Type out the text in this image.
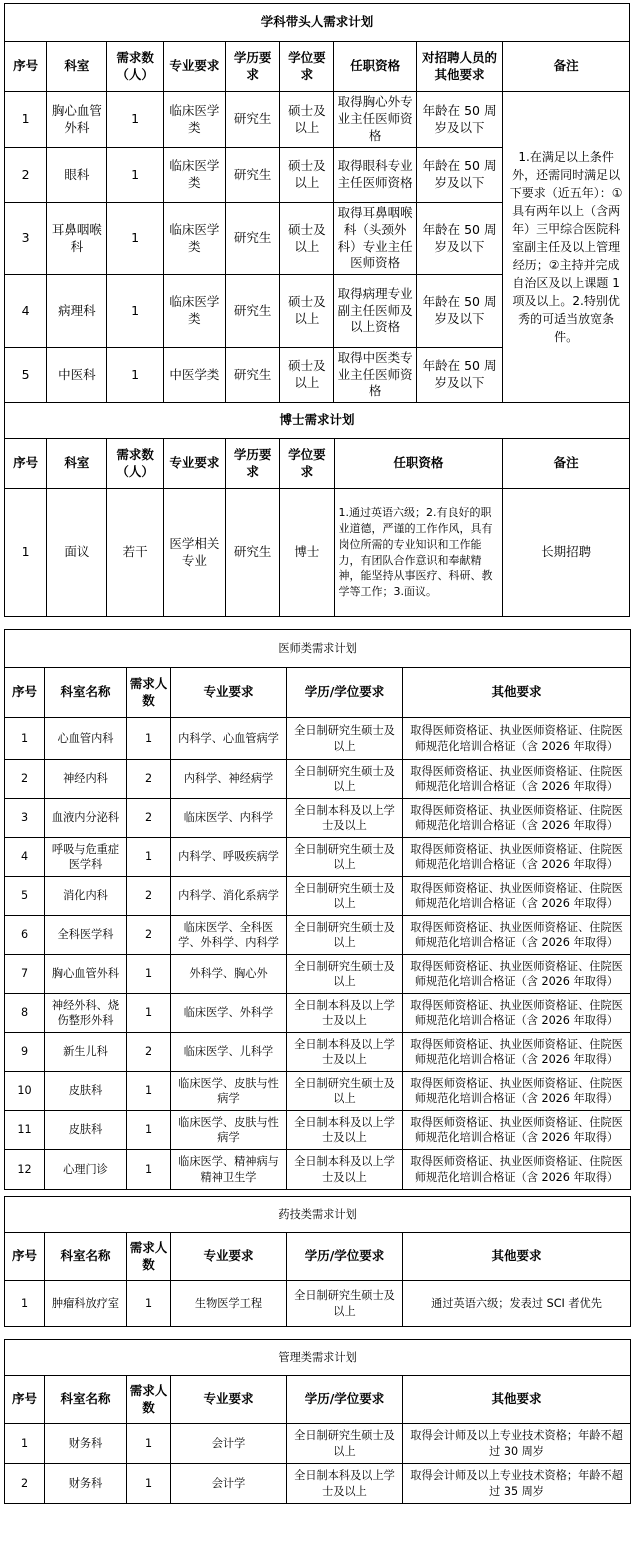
学科带头人需求计划								
序号	科室	需求数（人）	专业要求	学历要求	学位要求	任职资格	对招聘人员的其他要求	备注
1	胸心血管外科	1	临床医学类	研究生	硕士及以上	取得胸心外专业主任医师资格	年龄在 50 周岁及以下	1.在满足以上条件外，还需同时满足以下要求（近五年）：①具有两年以上（含两年）三甲综合医院科室副主任及以上管理经历；②主持并完成自治区及以上课题 1 项及以上。2.特别优秀的可适当放宽条件。
2	眼科	1	临床医学类	研究生	硕士及以上	取得眼科专业主任医师资格	年龄在 50 周岁及以下	
3	耳鼻咽喉科	1	临床医学类	研究生	硕士及以上	取得耳鼻咽喉科（头颈外科）专业主任医师资格	年龄在 50 周岁及以下	
4	病理科	1	临床医学类	研究生	硕士及以上	取得病理专业副主任医师及以上资格	年龄在 50 周岁及以下	
5	中医科	1	中医学类	研究生	硕士及以上	取得中医类专业主任医师资格	年龄在 50 周岁及以下	
博士需求计划							
序号	科室	需求数（人）	专业要求	学历要求	学位要求	任职资格	备注
1	面议	若干	医学相关专业	研究生	博士	1.通过英语六级；2.有良好的职业道德，严谨的工作作风，具有岗位所需的专业知识和工作能力，有团队合作意识和奉献精神，能坚持从事医疗、科研、教学等工作；3.面议。	长期招聘
医师类需求计划					
序号	科室名称	需求人数	专业要求	学历/学位要求	其他要求
1	心血管内科	1	内科学、心血管病学	全日制研究生硕士及以上	取得医师资格证、执业医师资格证、住院医师规范化培训合格证（含 2026 年取得）
2	神经内科	2	内科学、神经病学	全日制研究生硕士及以上	取得医师资格证、执业医师资格证、住院医师规范化培训合格证（含 2026 年取得）
3	血液内分泌科	2	临床医学、内科学	全日制本科及以上学士及以上	取得医师资格证、执业医师资格证、住院医师规范化培训合格证（含 2026 年取得）
4	呼吸与危重症医学科	1	内科学、呼吸疾病学	全日制研究生硕士及以上	取得医师资格证、执业医师资格证、住院医师规范化培训合格证（含 2026 年取得）
5	消化内科	2	内科学、消化系病学	全日制研究生硕士及以上	取得医师资格证、执业医师资格证、住院医师规范化培训合格证（含 2026 年取得）
6	全科医学科	2	临床医学、全科医学、外科学、内科学	全日制研究生硕士及以上	取得医师资格证、执业医师资格证、住院医师规范化培训合格证（含 2026 年取得）
7	胸心血管外科	1	外科学、胸心外	全日制研究生硕士及以上	取得医师资格证、执业医师资格证、住院医师规范化培训合格证（含 2026 年取得）
8	神经外科、烧伤整形外科	1	临床医学、外科学	全日制本科及以上学士及以上	取得医师资格证、执业医师资格证、住院医师规范化培训合格证（含 2026 年取得）
9	新生儿科	2	临床医学、儿科学	全日制本科及以上学士及以上	取得医师资格证、执业医师资格证、住院医师规范化培训合格证（含 2026 年取得）
10	皮肤科	1	临床医学、皮肤与性病学	全日制研究生硕士及以上	取得医师资格证、执业医师资格证、住院医师规范化培训合格证（含 2026 年取得）
11	皮肤科	1	临床医学、皮肤与性病学	全日制本科及以上学士及以上	取得医师资格证、执业医师资格证、住院医师规范化培训合格证（含 2026 年取得）
12	心理门诊	1	临床医学、精神病与精神卫生学	全日制本科及以上学士及以上	取得医师资格证、执业医师资格证、住院医师规范化培训合格证（含 2026 年取得）
药技类需求计划					
序号	科室名称	需求人数	专业要求	学历/学位要求	其他要求
1	肿瘤科放疗室	1	生物医学工程	全日制研究生硕士及以上	通过英语六级；发表过 SCI 者优先
管理类需求计划					
序号	科室名称	需求人数	专业要求	学历/学位要求	其他要求
1	财务科	1	会计学	全日制研究生硕士及以上	取得会计师及以上专业技术资格；年龄不超过 30 周岁
2	财务科	1	会计学	全日制本科及以上学士及以上	取得会计师及以上专业技术资格；年龄不超过 35 周岁
